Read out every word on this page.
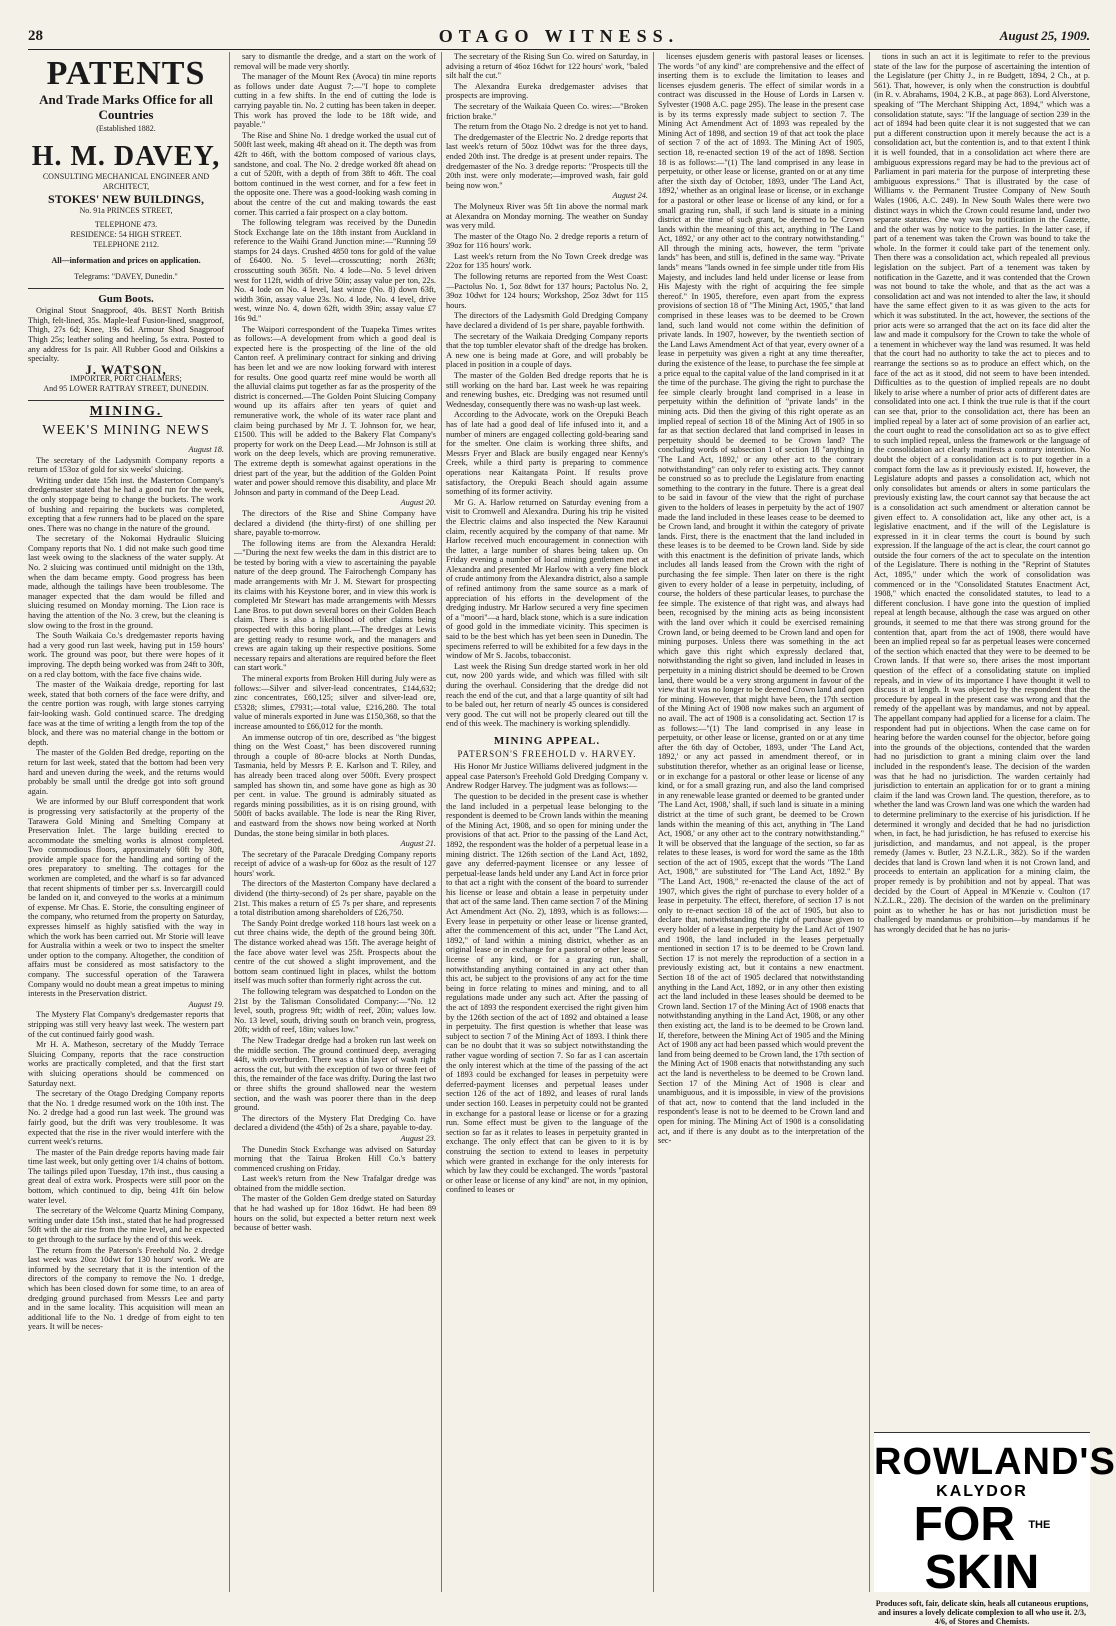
28	OTAGO WITNESS.	August 25, 1909.
PATENTS
And Trade Marks Office for all Countries
(Established 1882.
H. M. DAVEY,
CONSULTING MECHANICAL ENGINEER AND ARCHITECT,
STOKES' NEW BUILDINGS,
No. 91a PRINCES STREET,
TELEPHONE 473.
RESIDENCE: 54 HIGH STREET.
TELEPHONE 2112.
All—information and prices on application.
Telegrams: "DAVEY, Dunedin."
Gum Boots.

Original Stout Snagproof, 40s. BEST North British Thigh, felt-lined, 35s. Maple-leaf Fusion-lined, snagproof, Thigh, 27s 6d; Knee, 19s 6d. Armour Shod Snagproof Thigh 25s; leather soling and heeling, 5s extra. Posted to any address for 1s pair. All Rubber Good and Oilskins a specialty.

J. WATSON,
IMPORTER, PORT CHALMERS;
And 95 LOWER RATTRAY STREET, DUNEDIN.
MINING.
WEEK'S MINING NEWS

August 18.

The secretary of the Ladysmith Company reports a return of 153oz of gold for six weeks' sluicing.

Writing under date 15th inst. the Masterton Company's dredgemaster stated that he had a good run for the week, the only stoppage being to change the buckets. The work of bushing and repairing the buckets was completed, excepting that a few runners had to be placed on the spare ones. There was no change in the nature of the ground.

The secretary of the Nokomai Hydraulic Sluicing Company reports that No. 1 did not make such good time last week owing to the slackness of the water supply. At No. 2 sluicing was continued until midnight on the 13th, when the dam became empty. Good progress has been made, although the tailings have been troublesome. The manager expected that the dam would be filled and sluicing resumed on Monday morning. The Lion race is having the attention of the No. 3 crew, but the cleaning is slow owing to the frost in the ground.

The South Waikaia Co.'s dredgemaster reports having had a very good run last week, having put in 159 hours' work. The ground was poor, but there were hopes of it improving. The depth being worked was from 24ft to 30ft, on a red clay bottom, with the face five chains wide.

The master of the Waikaia dredge, reporting for last week, stated that both corners of the face were drifty, and the centre portion was rough, with large stones carrying fair-looking wash. Gold continued scarce. The dredging face was at the time of writing a length from the top of the block, and there was no material change in the bottom or depth.

The master of the Golden Bed dredge, reporting on the return for last week, stated that the bottom had been very hard and uneven during the week, and the returns would probably be small until the dredge got into soft ground again.

We are informed by our Bluff correspondent that work is progressing very satisfactorily at the property of the Tarawera Gold Mining and Smelting Company at Preservation Inlet. The large building erected to accommodate the smelting works is almost completed. Two commodious floors, approximately 60ft by 30ft, provide ample space for the handling and sorting of the ores preparatory to smelting. The cottages for the workmen are completed, and the wharf is so far advanced that recent shipments of timber per s.s. Invercargill could be landed on it, and conveyed to the works at a minimum of expense. Mr Chas. E. Storie, the consulting engineer of the company, who returned from the property on Saturday, expresses himself as highly satisfied with the way in which the work has been carried out. Mr Storie will leave for Australia within a week or two to inspect the smelter under option to the company. Altogether, the condition of affairs must be considered as most satisfactory to the company. The successful operation of the Tarawera Company would no doubt mean a great impetus to mining interests in the Preservation district.

August 19.

The Mystery Flat Company's dredgemaster reports that stripping was still very heavy last week. The western part of the cut continued fairly good wash.

Mr H. A. Matheson, secretary of the Muddy Terrace Sluicing Company, reports that the race construction works are practically completed, and that the first start with sluicing operations should be commenced on Saturday next.

The secretary of the Otago Dredging Company reports that the No. 1 dredge resumed work on the 10th inst. The No. 2 dredge had a good run last week. The ground was fairly good, but the drift was very troublesome. It was expected that the rise in the river would interfere with the current week's returns.

The master of the Pain dredge reports having made fair time last week, but only getting over 1/4 chains of bottom. The tailings piled upon Tuesday, 17th inst., thus causing a great deal of extra work. Prospects were still poor on the bottom, which continued to dip, being 41ft 6in below water level.

The secretary of the Welcome Quartz Mining Company, writing under date 15th inst., stated that he had progressed 50ft with the air rise from the mine level, and he expected to get through to the surface by the end of this week.

The return from the Paterson's Freehold No. 2 dredge last week was 20oz 10dwt for 130 hours' work. We are informed by the secretary that it is the intention of the directors of the company to remove the No. 1 dredge, which has been closed down for some time, to an area of dredging ground purchased from Messrs Lee and party and in the same locality. This acquisition will mean an additional life to the No. 1 dredge of from eight to ten years. It will be neces-

sary to dismantle the dredge, and a start on the work of removal will be made very shortly.

The manager of the Mount Rex (Avoca) tin mine reports as follows under date August 7:—"I hope to complete cutting in a few shifts. In the end of cutting the lode is carrying payable tin. No. 2 cutting has been taken in deeper. This work has proved the lode to be 18ft wide, and payable."

The Rise and Shine No. 1 dredge worked the usual cut of 500ft last week, making 4ft ahead on it. The depth was from 42ft to 46ft, with the bottom composed of various clays, sandstone, and coal. The No. 2 dredge worked 8ft ahead on a cut of 520ft, with a depth of from 38ft to 46ft. The coal bottom continued in the west corner, and for a few feet in the opposite one. There was a good-looking wash coming in about the centre of the cut and making towards the east corner. This carried a fair prospect on a clay bottom.

The following telegram was received by the Dunedin Stock Exchange late on the 18th instant from Auckland in reference to the Waihi Grand Junction mine:—"Running 59 stamps for 24 days. Crushed 4850 tons for gold of the value of £6400. No. 5 level—crosscutting; north 263ft; crosscutting south 365ft. No. 4 lode—No. 5 level driven west for 112ft, width of drive 50in; assay value per ton, 22s. No. 4 lode on No. 4 level, last winze (No. 8) down 63ft, width 36in, assay value 23s. No. 4 lode, No. 4 level, drive west, winze No. 4, down 62ft, width 39in; assay value £7 16s 9d."

The Waipori correspondent of the Tuapeka Times writes as follows:—A development from which a good deal is expected here is the prospecting of the line of the old Canton reef. A preliminary contract for sinking and driving has been let and we are now looking forward with interest for results. One good quartz reef mine would be worth all the alluvial claims put together as far as the prosperity of the district is concerned.—The Golden Point Sluicing Company wound up its affairs after ten years of quiet and remunerative work, the whole of its water race plant and claim being purchased by Mr J. T. Johnson for, we hear, £1500. This will be added to the Bakery Flat Company's property for work on the Deep Lead.—Mr Johnson is still at work on the deep levels, which are proving remunerative. The extreme depth is somewhat against operations in the driest part of the year, but the addition of the Golden Point water and power should remove this disability, and place Mr Johnson and party in command of the Deep Lead.

August 20.

The directors of the Rise and Shine Company have declared a dividend (the thirty-first) of one shilling per share, payable to-morrow.

The following items are from the Alexandra Herald:—"During the next few weeks the dam in this district are to be tested by boring with a view to ascertaining the payable nature of the deep ground. The Fairochengh Company has made arrangements with Mr J. M. Stewart for prospecting its claims with his Keystone borer, and in view this work is completed Mr Stewart has made arrangements with Messrs Lane Bros. to put down several bores on their Golden Beach claim. There is also a likelihood of other claims being prospected with this boring plant.—The dredges at Lewis are getting ready to resume work, and the managers and crews are again taking up their respective positions. Some necessary repairs and alterations are required before the fleet can start work."

The mineral exports from Broken Hill during July were as follows:—Silver and silver-lead concentrates, £144,632; zinc concentrates, £60,125; silver and silver-lead ore, £5328; slimes, £7931;—total value, £216,280. The total value of minerals exported in June was £150,368, so that the increase amounted to £66,012 for the month.

An immense outcrop of tin ore, described as "the biggest thing on the West Coast," has been discovered running through a couple of 80-acre blocks at North Dundas, Tasmania, held by Messrs P. E. Karlson and T. Riley, and has already been traced along over 500ft. Every prospect sampled has shown tin, and some have gone as high as 30 per cent. in value. The ground is admirably situated as regards mining possibilities, as it is on rising ground, with 500ft of backs available. The lode is near the Ring River, and eastward from the shows now being worked at North Dundas, the stone being similar in both places.

August 21.

The secretary of the Paracale Dredging Company reports receipt of advice of a wash-up for 60oz as the result of 127 hours' work.

The directors of the Masterton Company have declared a dividend (the thirty-second) of 2s per share, payable on the 21st. This makes a return of £5 7s per share, and represents a total distribution among shareholders of £26,750.

The Sandy Point dredge worked 118 hours last week on a cut three chains wide, the depth of the ground being 30ft. The distance worked ahead was 15ft. The average height of the face above water level was 25ft. Prospects about the centre of the cut showed a slight improvement, and the bottom seam continued light in places, whilst the bottom itself was much softer than formerly right across the cut.

The following telegram was despatched to London on the 21st by the Talisman Consolidated Company:—"No. 12 level, south, progress 9ft; width of reef, 20in; values low. No. 13 level, south, driving south on branch vein, progress, 20ft; width of reef, 18in; values low."

The New Tradegar dredge had a broken run last week on the middle section. The ground continued deep, averaging 44ft, with overburden. There was a thin layer of wash right across the cut, but with the exception of two or three feet of this, the remainder of the face was drifty. During the last two or three shifts the ground shallowed near the western section, and the wash was poorer there than in the deep ground.

The directors of the Mystery Flat Dredging Co. have declared a dividend (the 45th) of 2s a share, payable to-day.

August 23.

The Dunedin Stock Exchange was advised on Saturday morning that the Tairua Broken Hill Co.'s battery commenced crushing on Friday.

Last week's return from the New Trafalgar dredge was obtained from the middle section.

The master of the Golden Gem dredge stated on Saturday that he had washed up for 18oz 16dwt. He had been 89 hours on the solid, but expected a better return next week because of better wash.

The secretary of the Rising Sun Co. wired on Saturday, in advising a return of 46oz 16dwt for 122 hours' work, "baled silt half the cut."

The Alexandra Eureka dredgemaster advises that prospects are improving.

The secretary of the Waikaia Queen Co. wires:—"Broken friction brake."

The return from the Otago No. 2 dredge is not yet to hand.

The dredgemaster of the Electric No. 2 dredge reports that last week's return of 50oz 10dwt was for the three days, ended 20th inst. The dredge is at present under repairs. The dredgemaster of the No. 3 dredge reports: "Prospects till the 20th inst. were only moderate;—improved wash, fair gold being now won."

August 24.

The Molyneux River was 5ft 1in above the normal mark at Alexandra on Monday morning. The weather on Sunday was very mild.

The master of the Otago No. 2 dredge reports a return of 39oz for 116 hours' work.

Last week's return from the No Town Creek dredge was 22oz for 135 hours' work.

The following returns are reported from the West Coast:—Pactolus No. 1, 5oz 8dwt for 137 hours; Pactolus No. 2, 39oz 10dwt for 124 hours; Workshop, 25oz 3dwt for 115 hours.

The directors of the Ladysmith Gold Dredging Company have declared a dividend of 1s per share, payable forthwith.

The secretary of the Waikaia Dredging Company reports that the top tumbler elevator shaft of the dredge has broken. A new one is being made at Gore, and will probably be placed in position in a couple of days.

The master of the Golden Bed dredge reports that he is still working on the hard bar. Last week he was repairing and renewing bushes, etc. Dredging was not resumed until Wednesday, consequently there was no wash-up last week.

According to the Advocate, work on the Orepuki Beach has of late had a good deal of life infused into it, and a number of miners are engaged collecting gold-bearing sand for the smelter. One claim is working three shifts, and Messrs Fryer and Black are busily engaged near Kenny's Creek, while a third party is preparing to commence operations near Kaitangata Point. If results prove satisfactory, the Orepuki Beach should again assume something of its former activity.

Mr G. A. Harlow returned on Saturday evening from a visit to Cromwell and Alexandra. During his trip he visited the Electric claims and also inspected the New Karaunui claim, recently acquired by the company of that name. Mr Harlow received much encouragement in connection with the latter, a large number of shares being taken up. On Friday evening a number of local mining gentlemen met at Alexandra and presented Mr Harlow with a very fine block of crude antimony from the Alexandra district, also a sample of refined antimony from the same source as a mark of appreciation of his efforts in the development of the dredging industry. Mr Harlow secured a very fine specimen of a "moori"—a hard, black stone, which is a sure indication of good gold in the immediate vicinity. This specimen is said to be the best which has yet been seen in Dunedin. The specimens referred to will be exhibited for a few days in the window of Mr S. Jacobs, tobacconist.

Last week the Rising Sun dredge started work in her old cut, now 200 yards wide, and which was filled with silt during the overhaul. Considering that the dredge did not reach the end of the cut, and that a large quantity of silt had to be baled out, her return of nearly 45 ounces is considered very good. The cut will not be properly cleared out till the end of this week. The machinery is working splendidly.

MINING APPEAL.
PATERSON'S FREEHOLD v. HARVEY.

His Honor Mr Justice Williams delivered judgment in the appeal case Paterson's Freehold Gold Dredging Company v. Andrew Rodger Harvey. The judgment was as follows:—

The question to be decided in the present case is whether the land included in a perpetual lease belonging to the respondent is deemed to be Crown lands within the meaning of the Mining Act, 1908, and so open for mining under the provisions of that act. Prior to the passing of the Land Act, 1892, the respondent was the holder of a perpetual lease in a mining district. The 126th section of the Land Act, 1892, gave any deferred-payment licensee or any lessee of perpetual-lease lands held under any Land Act in force prior to that act a right with the consent of the board to surrender his license or lease and obtain a lease in perpetuity under that act of the same land. Then came section 7 of the Mining Act Amendment Act (No. 2), 1893, which is as follows:—Every lease in perpetuity or other lease or license granted, after the commencement of this act, under "The Land Act, 1892," of land within a mining district, whether as an original lease or in exchange for a pastoral or other lease or license of any kind, or for a grazing run, shall, notwithstanding anything contained in any act other than this act, be subject to the provisions of any act for the time being in force relating to mines and mining, and to all regulations made under any such act. After the passing of the act of 1893 the respondent exercised the right given him by the 126th section of the act of 1892 and obtained a lease in perpetuity. The first question is whether that lease was subject to section 7 of the Mining Act of 1893. I think there can be no doubt that it was so subject notwithstanding the rather vague wording of section 7. So far as I can ascertain the only interest which at the time of the passing of the act of 1893 could be exchanged for leases in perpetuity were deferred-payment licenses and perpetual leases under section 126 of the act of 1892, and leases of rural lands under section 160. Leases in perpetuity could not be granted in exchange for a pastoral lease or license or for a grazing run. Some effect must be given to the language of the section so far as it relates to leases in perpetuity granted in exchange. The only effect that can be given to it is by construing the section to extend to leases in perpetuity which were granted in exchange for the only interests for which by law they could be exchanged. The words "pastoral or other lease or license of any kind" are not, in my opinion, confined to leases or

licenses ejusdem generis with pastoral leases or licenses. The words "of any kind" are comprehensive and the effect of inserting them is to exclude the limitation to leases and licenses ejusdem generis. The effect of similar words in a contract was discussed in the House of Lords in Larsen v. Sylvester (1908 A.C. page 295). The lease in the present case is by its terms expressly made subject to section 7. The Mining Act Amendment Act of 1893 was repealed by the Mining Act of 1898, and section 19 of that act took the place of section 7 of the act of 1893. The Mining Act of 1905, section 18, re-enacted section 19 of the act of 1898. Section 18 is as follows:—"(1) The land comprised in any lease in perpetuity, or other lease or license, granted on or at any time after the sixth day of October, 1893, under 'The Land Act, 1892,' whether as an original lease or license, or in exchange for a pastoral or other lease or license of any kind, or for a small grazing run, shall, if such land is situate in a mining district at the time of such grant, be deemed to be Crown lands within the meaning of this act, anything in 'The Land Act, 1892,' or any other act to the contrary notwithstanding." All through the mining acts, however, the term "private lands" has been, and still is, defined in the same way. "Private lands" means "lands owned in fee simple under title from His Majesty, and includes land held under license or lease from His Majesty with the right of acquiring the fee simple thereof." In 1905, therefore, even apart from the express provisions of section 18 of "The Mining Act, 1905," that land comprised in these leases was to be deemed to be Crown land, such land would not come within the definition of private lands. In 1907, however, by the twentieth section of the Land Laws Amendment Act of that year, every owner of a lease in perpetuity was given a right at any time thereafter, during the existence of the lease, to purchase the fee simple at a price equal to the capital value of the land comprised in it at the time of the purchase. The giving the right to purchase the fee simple clearly brought land comprised in a lease in perpetuity within the definition of "private lands" in the mining acts. Did then the giving of this right operate as an implied repeal of section 18 of the Mining Act of 1905 in so far as that section declared that land comprised in leases in perpetuity should be deemed to be Crown land? The concluding words of subsection 1 of section 18 "anything in 'The Land Act, 1892,' or any other act to the contrary notwithstanding" can only refer to existing acts. They cannot be construed so as to preclude the Legislature from enacting something to the contrary in the future. There is a great deal to be said in favour of the view that the right of purchase given to the holders of leases in perpetuity by the act of 1907 made the land included in these leases cease to be deemed to be Crown land, and brought it within the category of private lands. First, there is the enactment that the land included in these leases is to be deemed to be Crown land. Side by side with this enactment is the definition of private lands, which includes all lands leased from the Crown with the right of purchasing the fee simple. Then later on there is the right given to every holder of a lease in perpetuity, including, of course, the holders of these particular leases, to purchase the fee simple. The existence of that right was, and always had been, recognised by the mining acts as being inconsistent with the land over which it could be exercised remaining Crown land, or being deemed to be Crown land and open for mining purposes. Unless there was something in the act which gave this right which expressly declared that, notwithstanding the right so given, land included in leases in perpetuity in a mining district should be deemed to be Crown land, there would be a very strong argument in favour of the view that it was no longer to be deemed Crown land and open for mining. However, that might have been, the 17th section of the Mining Act of 1908 now makes such an argument of no avail. The act of 1908 is a consolidating act. Section 17 is as follows:—"(1) The land comprised in any lease in perpetuity, or other lease or license, granted on or at any time after the 6th day of October, 1893, under 'The Land Act, 1892,' or any act passed in amendment thereof, or in substitution therefor, whether as an original lease or license, or in exchange for a pastoral or other lease or license of any kind, or for a small grazing run, and also the land comprised in any renewable lease granted or deemed to be granted under 'The Land Act, 1908,' shall, if such land is situate in a mining district at the time of such grant, be deemed to be Crown lands within the meaning of this act, anything in 'The Land Act, 1908,' or any other act to the contrary notwithstanding." It will be observed that the language of the section, so far as relates to these leases, is word for word the same as the 18th section of the act of 1905, except that the words "The Land Act, 1908," are substituted for "The Land Act, 1892." By "The Land Act, 1908," re-enacted the clause of the act of 1907, which gives the right of purchase to every holder of a lease in perpetuity. The effect, therefore, of section 17 is not only to re-enact section 18 of the act of 1905, but also to declare that, notwithstanding the right of purchase given to every holder of a lease in perpetuity by the Land Act of 1907 and 1908, the land included in the leases perpetually mentioned in section 17 is to be deemed to be Crown land. Section 17 is not merely the reproduction of a section in a previously existing act, but it contains a new enactment. Section 18 of the act of 1905 declared that notwithstanding anything in the Land Act, 1892, or in any other then existing act the land included in these leases should be deemed to be Crown land. Section 17 of the Mining Act of 1908 enacts that notwithstanding anything in the Land Act, 1908, or any other then existing act, the land is to be deemed to be Crown land. If, therefore, between the Mining Act of 1905 and the Mining Act of 1908 any act had been passed which would prevent the land from being deemed to be Crown land, the 17th section of the Mining Act of 1908 enacts that notwithstanding any such act the land is nevertheless to be deemed to be Crown land. Section 17 of the Mining Act of 1908 is clear and unambiguous, and it is impossible, in view of the provisions of that act, now to contend that the land included in the respondent's lease is not to be deemed to be Crown land and open for mining. The Mining Act of 1908 is a consolidating act, and if there is any doubt as to the interpretation of the sec-

tions in such an act it is legitimate to refer to the previous state of the law for the purpose of ascertaining the intention of the Legislature (per Chitty J., in re Budgett, 1894, 2 Ch., at p. 561). That, however, is only when the construction is doubtful (in R. v. Abrahams, 1904, 2 K.B., at page 863). Lord Alverstone, speaking of "The Merchant Shipping Act, 1894," which was a consolidation statute, says: "If the language of section 239 in the act of 1894 had been quite clear it is not suggested that we can put a different construction upon it merely because the act is a consolidation act, but the contention is, and to that extent I think it is well founded, that in a consolidation act where there are ambiguous expressions regard may be had to the previous act of Parliament in pari materia for the purpose of interpreting these ambiguous expressions." That is illustrated by the case of Williams v. the Permanent Trustee Company of New South Wales (1906, A.C. 249). In New South Wales there were two distinct ways in which the Crown could resume land, under two separate statutes. One way was by notification in the Gazette, and the other was by notice to the parties. In the latter case, if part of a tenement was taken the Crown was bound to take the whole. In the former it could take part of the tenement only. Then there was a consolidation act, which repealed all previous legislation on the subject. Part of a tenement was taken by notification in the Gazette, and it was contended that the Crown was not bound to take the whole, and that as the act was a consolidation act and was not intended to alter the law, it should have the same effect given to it as was given to the acts for which it was substituted. In the act, however, the sections of the prior acts were so arranged that the act on its face did alter the law and made it compulsory for the Crown to take the whole of a tenement in whichever way the land was resumed. It was held that the court had no authority to take the act to pieces and to rearrange the sections so as to produce an effect which, on the face of the act as it stood, did not seem to have been intended. Difficulties as to the question of implied repeals are no doubt likely to arise where a number of prior acts of different dates are consolidated into one act. I think the true rule is that if the court can see that, prior to the consolidation act, there has been an implied repeal by a later act of some provision of an earlier act, the court ought to read the consolidation act so as to give effect to such implied repeal, unless the framework or the language of the consolidation act clearly manifests a contrary intention. No doubt the object of a consolidation act is to put together in a compact form the law as it previously existed. If, however, the Legislature adopts and passes a consolidation act, which not only consolidates but amends or alters in some particulars the previously existing law, the court cannot say that because the act is a consolidation act such amendment or alteration cannot be given effect to. A consolidation act, like any other act, is a legislative enactment, and if the will of the Legislature is expressed in it in clear terms the court is bound by such expression. If the language of the act is clear, the court cannot go outside the four corners of the act to speculate on the intention of the Legislature. There is nothing in the "Reprint of Statutes Act, 1895," under which the work of consolidation was commenced or in the "Consolidated Statutes Enactment Act, 1908," which enacted the consolidated statutes, to lead to a different conclusion. I have gone into the question of implied repeal at length because, although the case was argued on other grounds, it seemed to me that there was strong ground for the contention that, apart from the act of 1908, there would have been an implied repeal so far as perpetual leases were concerned of the section which enacted that they were to be deemed to be Crown lands. If that were so, there arises the most important question of the effect of a consolidating statute on implied repeals, and in view of its importance I have thought it well to discuss it at length. It was objected by the respondent that the procedure by appeal in the present case was wrong and that the remedy of the appellant was by mandamus, and not by appeal. The appellant company had applied for a license for a claim. The respondent had put in objections. When the case came on for hearing before the warden counsel for the objector, before going into the grounds of the objections, contended that the warden had no jurisdiction to grant a mining claim over the land included in the respondent's lease. The decision of the warden was that he had no jurisdiction. The warden certainly had jurisdiction to entertain an application for or to grant a mining claim if the land was Crown land. The question, therefore, as to whether the land was Crown land was one which the warden had to determine preliminary to the exercise of his jurisdiction. If he determined it wrongly and decided that he had no jurisdiction when, in fact, he had jurisdiction, he has refused to exercise his jurisdiction, and mandamus, and not appeal, is the proper remedy (James v. Butler, 23 N.Z.L.R., 382). So if the warden decides that land is Crown land when it is not Crown land, and proceeds to entertain an application for a mining claim, the proper remedy is by prohibition and not by appeal. That was decided by the Court of Appeal in M'Kenzie v. Coulton (17 N.Z.L.R., 228). The decision of the warden on the preliminary point as to whether he has or has not jurisdiction must be challenged by mandamus or prohibition—by mandamus if he has wrongly decided that he has no juris-

ROWLAND'S
KALYDOR
FOR $^{THE}$ SKIN
Produces soft, fair, delicate skin, heals all cutaneous eruptions, and insures a lovely delicate complexion to all who use it. 2/3, 4/6, of Stores and Chemists.
